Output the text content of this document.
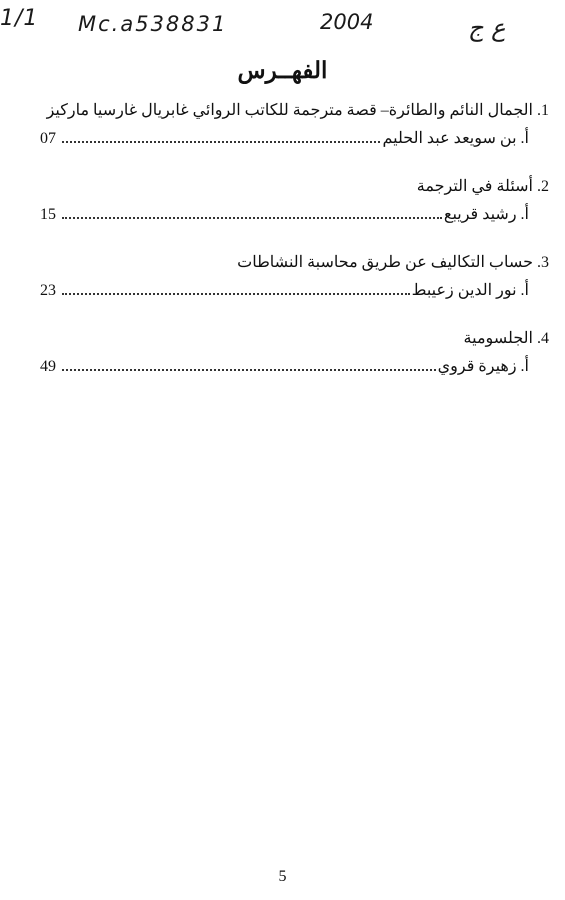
1/1 Mc.a538831	2004	ع ج
الفهــرس
1. الجمال النائم والطائرة– قصة مترجمة للكاتب الروائي غابريال غارسيا ماركيز
07	أ. بن سويعد عبد الحليم
2. أسئلة في الترجمة
15	أ. رشيد قريبع
3. حساب التكاليف عن طريق محاسبة النشاطات
23	أ. نور الدين زعيبط
4. الجلسومية
49	أ. زهيرة قروي
5
